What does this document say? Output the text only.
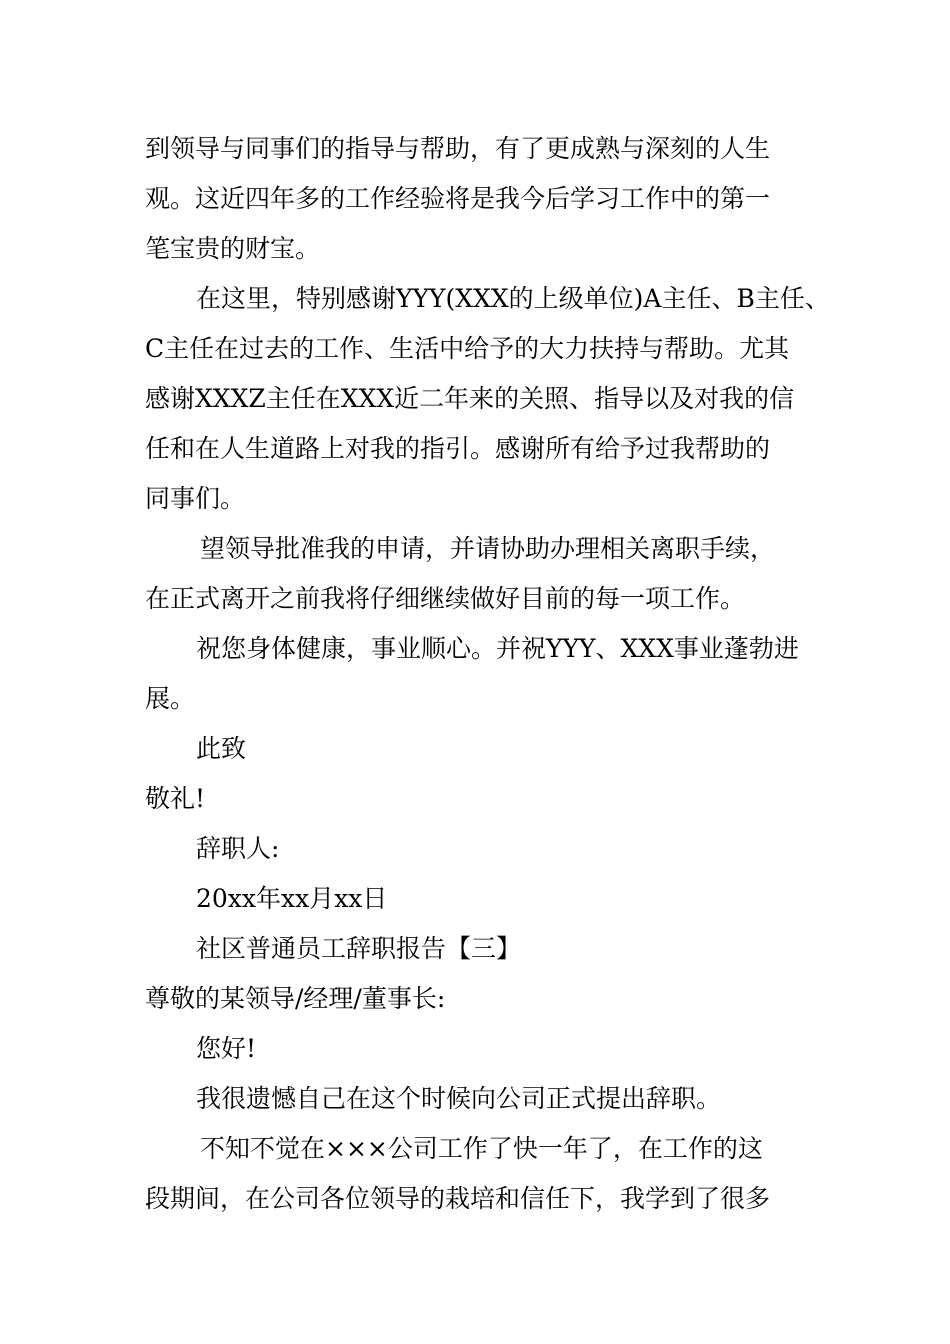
到领导与同事们的指导与帮助，有了更成熟与深刻的人生

观。这近四年多的工作经验将是我今后学习工作中的第一

笔宝贵的财宝。

在这里，特别感谢YYY(XXX的上级单位)A主任、B主任、

C主任在过去的工作、生活中给予的大力扶持与帮助。尤其

感谢XXXZ主任在XXX近二年来的关照、指导以及对我的信

任和在人生道路上对我的指引。感谢所有给予过我帮助的

同事们。

望领导批准我的申请，并请协助办理相关离职手续，

在正式离开之前我将仔细继续做好目前的每一项工作。

祝您身体健康，事业顺心。并祝YYY、XXX事业蓬勃进

展。

此致

敬礼!

辞职人:

20xx年xx月xx日

社区普通员工辞职报告【三】

尊敬的某领导/经理/董事长:

您好!

我很遗憾自己在这个时候向公司正式提出辞职。

不知不觉在×××公司工作了快一年了，在工作的这

段期间，在公司各位领导的栽培和信任下，我学到了很多
